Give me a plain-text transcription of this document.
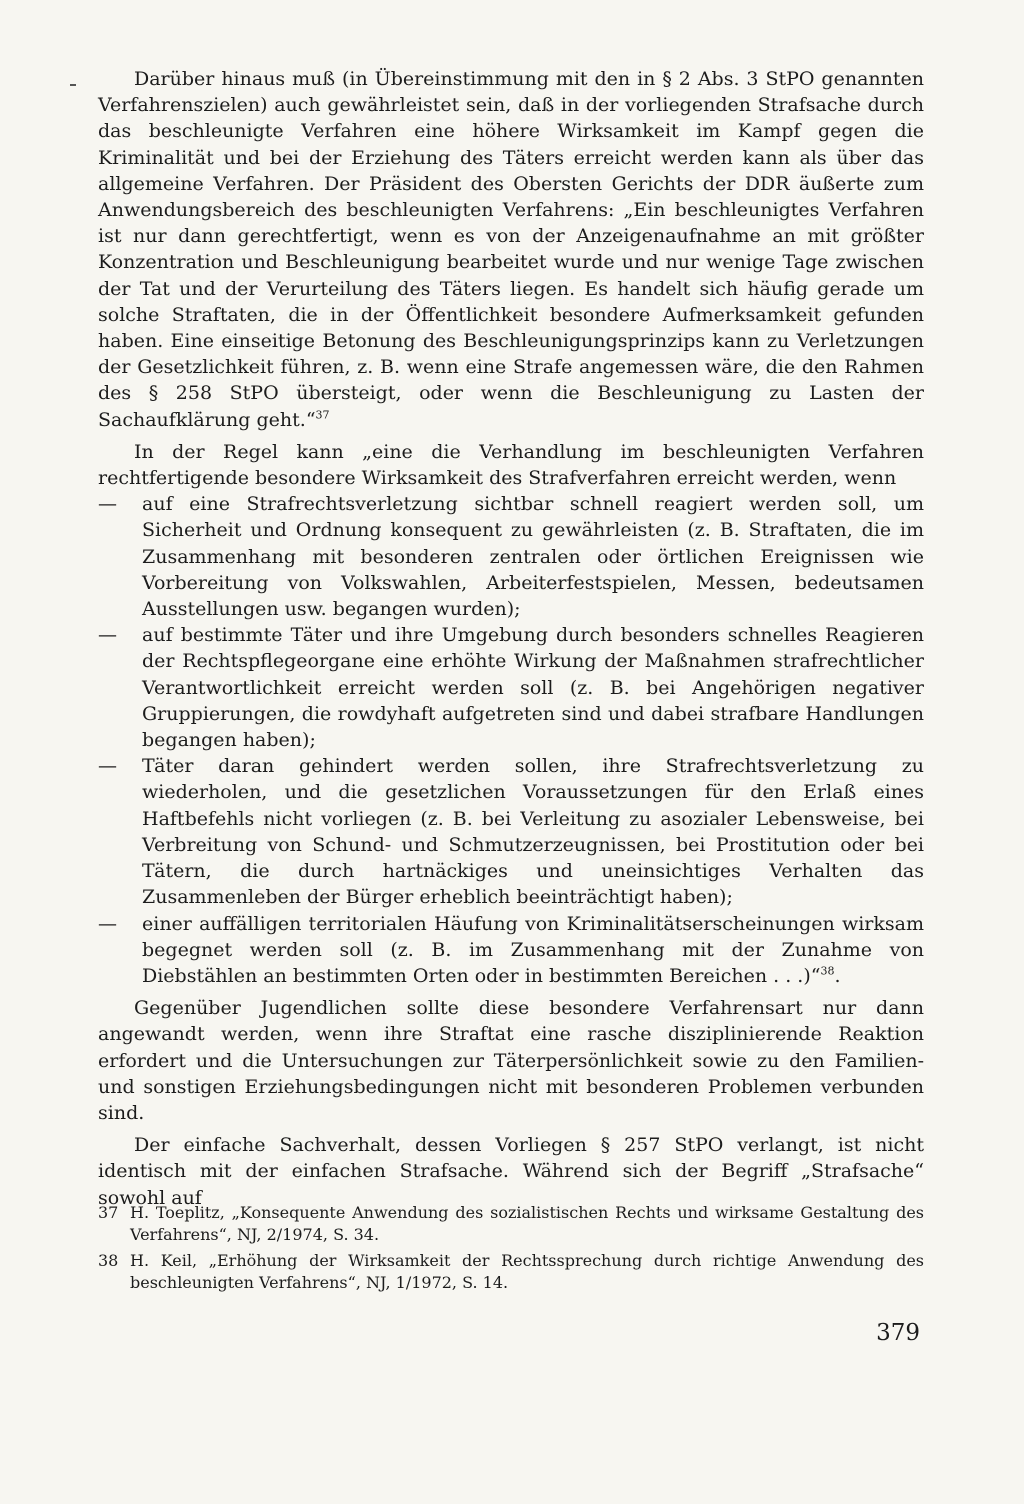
Darüber hinaus muß (in Übereinstimmung mit den in § 2 Abs. 3 StPO genannten Verfahrenszielen) auch gewährleistet sein, daß in der vorliegenden Strafsache durch das beschleunigte Verfahren eine höhere Wirksamkeit im Kampf gegen die Kriminalität und bei der Erziehung des Täters erreicht werden kann als über das allgemeine Verfahren. Der Präsident des Obersten Gerichts der DDR äußerte zum Anwendungsbereich des beschleunigten Verfahrens: „Ein beschleunigtes Verfahren ist nur dann gerechtfertigt, wenn es von der Anzeigenaufnahme an mit größter Konzentration und Beschleunigung bearbeitet wurde und nur wenige Tage zwischen der Tat und der Verurteilung des Täters liegen. Es handelt sich häufig gerade um solche Straftaten, die in der Öffentlichkeit besondere Aufmerksamkeit gefunden haben. Eine einseitige Betonung des Beschleunigungsprinzips kann zu Verletzungen der Gesetzlichkeit führen, z. B. wenn eine Strafe angemessen wäre, die den Rahmen des § 258 StPO übersteigt, oder wenn die Beschleunigung zu Lasten der Sachaufklärung geht.“$^{37}$

In der Regel kann „eine die Verhandlung im beschleunigten Verfahren rechtfertigende besondere Wirksamkeit des Strafverfahren erreicht werden, wenn

— auf eine Strafrechtsverletzung sichtbar schnell reagiert werden soll, um Sicherheit und Ordnung konsequent zu gewährleisten (z. B. Straftaten, die im Zusammenhang mit besonderen zentralen oder örtlichen Ereignissen wie Vorbereitung von Volkswahlen, Arbeiterfestspielen, Messen, bedeutsamen Ausstellungen usw. begangen wurden);
— auf bestimmte Täter und ihre Umgebung durch besonders schnelles Reagieren der Rechtspflegeorgane eine erhöhte Wirkung der Maßnahmen strafrechtlicher Verantwortlichkeit erreicht werden soll (z. B. bei Angehörigen negativer Gruppierungen, die rowdyhaft aufgetreten sind und dabei strafbare Handlungen begangen haben);
— Täter daran gehindert werden sollen, ihre Strafrechtsverletzung zu wiederholen, und die gesetzlichen Voraussetzungen für den Erlaß eines Haftbefehls nicht vorliegen (z. B. bei Verleitung zu asozialer Lebensweise, bei Verbreitung von Schund- und Schmutzerzeugnissen, bei Prostitution oder bei Tätern, die durch hartnäckiges und uneinsichtiges Verhalten das Zusammenleben der Bürger erheblich beeinträchtigt haben);
— einer auffälligen territorialen Häufung von Kriminalitätserscheinungen wirksam begegnet werden soll (z. B. im Zusammenhang mit der Zunahme von Diebstählen an bestimmten Orten oder in bestimmten Bereichen . . .)“$^{38}$.

Gegenüber Jugendlichen sollte diese besondere Verfahrensart nur dann angewandt werden, wenn ihre Straftat eine rasche disziplinierende Reaktion erfordert und die Untersuchungen zur Täterpersönlichkeit sowie zu den Familien- und sonstigen Erziehungsbedingungen nicht mit besonderen Problemen verbunden sind.

Der einfache Sachverhalt, dessen Vorliegen § 257 StPO verlangt, ist nicht identisch mit der einfachen Strafsache. Während sich der Begriff „Strafsache“ sowohl auf

37 H. Toeplitz, „Konsequente Anwendung des sozialistischen Rechts und wirksame Gestaltung des Verfahrens“, NJ, 2/1974, S. 34.
38 H. Keil, „Erhöhung der Wirksamkeit der Rechtssprechung durch richtige Anwendung des beschleunigten Verfahrens“, NJ, 1/1972, S. 14.
379
